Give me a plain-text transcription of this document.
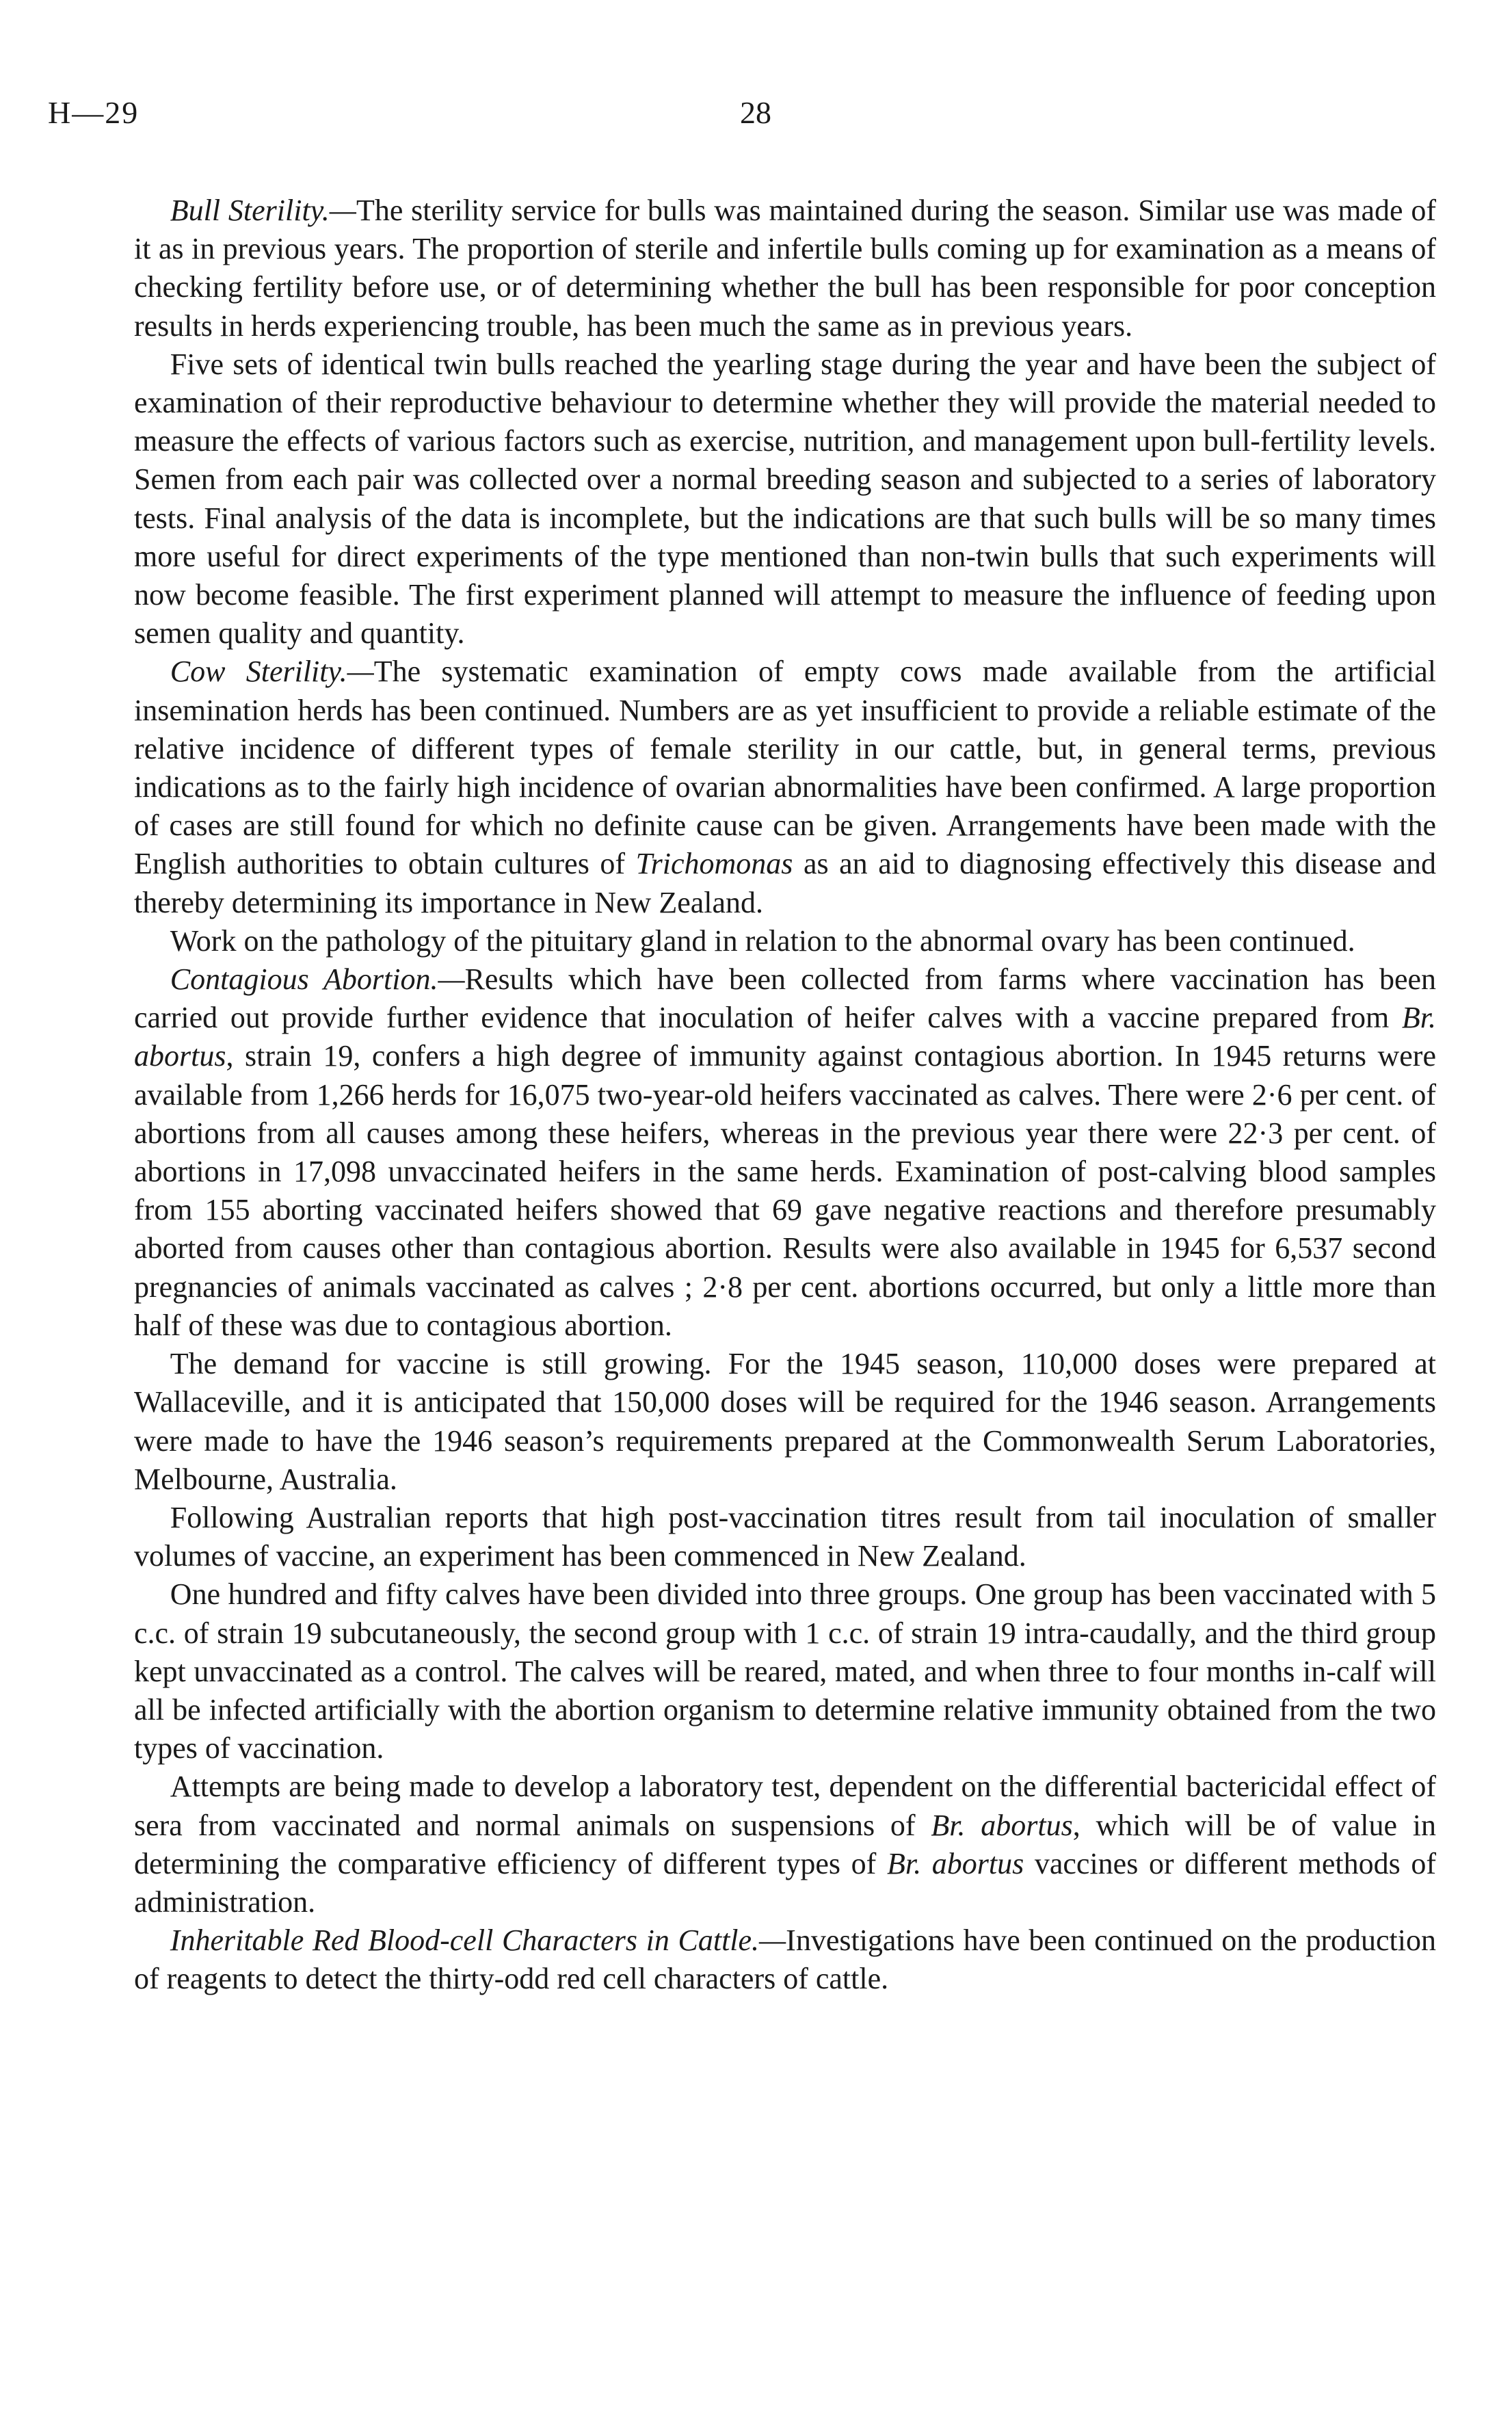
H—29	28

Bull Sterility.—The sterility service for bulls was maintained during the season. Similar use was made of it as in previous years. The proportion of sterile and infertile bulls coming up for examination as a means of checking fertility before use, or of determining whether the bull has been responsible for poor conception results in herds experiencing trouble, has been much the same as in previous years.

Five sets of identical twin bulls reached the yearling stage during the year and have been the subject of examination of their reproductive behaviour to determine whether they will provide the material needed to measure the effects of various factors such as exercise, nutrition, and management upon bull-fertility levels. Semen from each pair was collected over a normal breeding season and subjected to a series of laboratory tests. Final analysis of the data is incomplete, but the indications are that such bulls will be so many times more useful for direct experiments of the type mentioned than non-twin bulls that such experiments will now become feasible. The first experiment planned will attempt to measure the influence of feeding upon semen quality and quantity.

Cow Sterility.—The systematic examination of empty cows made available from the artificial insemination herds has been continued. Numbers are as yet insufficient to provide a reliable estimate of the relative incidence of different types of female sterility in our cattle, but, in general terms, previous indications as to the fairly high incidence of ovarian abnormalities have been confirmed. A large proportion of cases are still found for which no definite cause can be given. Arrangements have been made with the English authorities to obtain cultures of Trichomonas as an aid to diagnosing effectively this disease and thereby determining its importance in New Zealand.

Work on the pathology of the pituitary gland in relation to the abnormal ovary has been continued.

Contagious Abortion.—Results which have been collected from farms where vaccination has been carried out provide further evidence that inoculation of heifer calves with a vaccine prepared from Br. abortus, strain 19, confers a high degree of immunity against contagious abortion. In 1945 returns were available from 1,266 herds for 16,075 two-year-old heifers vaccinated as calves. There were 2·6 per cent. of abortions from all causes among these heifers, whereas in the previous year there were 22·3 per cent. of abortions in 17,098 unvaccinated heifers in the same herds. Examination of post-calving blood samples from 155 aborting vaccinated heifers showed that 69 gave negative reactions and therefore presumably aborted from causes other than contagious abortion. Results were also available in 1945 for 6,537 second pregnancies of animals vaccinated as calves ; 2·8 per cent. abortions occurred, but only a little more than half of these was due to contagious abortion.

The demand for vaccine is still growing. For the 1945 season, 110,000 doses were prepared at Wallaceville, and it is anticipated that 150,000 doses will be required for the 1946 season. Arrangements were made to have the 1946 season’s requirements prepared at the Commonwealth Serum Laboratories, Melbourne, Australia.

Following Australian reports that high post-vaccination titres result from tail inoculation of smaller volumes of vaccine, an experiment has been commenced in New Zealand.

One hundred and fifty calves have been divided into three groups. One group has been vaccinated with 5 c.c. of strain 19 subcutaneously, the second group with 1 c.c. of strain 19 intra-caudally, and the third group kept unvaccinated as a control. The calves will be reared, mated, and when three to four months in-calf will all be infected artificially with the abortion organism to determine relative immunity obtained from the two types of vaccination.

Attempts are being made to develop a laboratory test, dependent on the differential bactericidal effect of sera from vaccinated and normal animals on suspensions of Br. abortus, which will be of value in determining the comparative efficiency of different types of Br. abortus vaccines or different methods of administration.

Inheritable Red Blood-cell Characters in Cattle.—Investigations have been continued on the production of reagents to detect the thirty-odd red cell characters of cattle.
